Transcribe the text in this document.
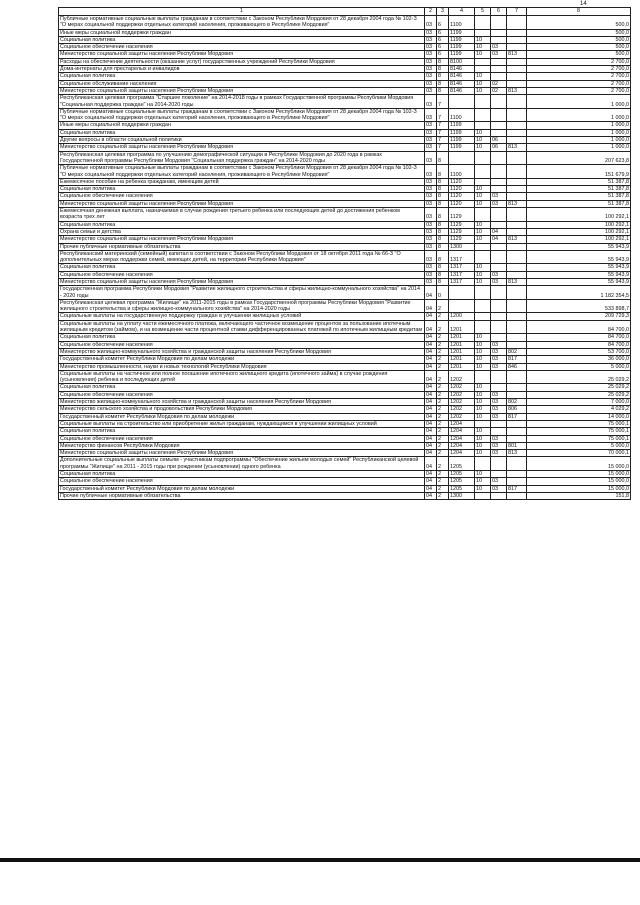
14
1	2	3	4	5	6	7	8
Публичные нормативные социальные выплаты гражданам в соответствии с Законом Республики Мордовия от 28 декабря 2004 года № 102-З "О мерах социальной поддержки отдельных категорий населения, проживающего в Республике Мордовия"	03	6	1100				500,0
Иные меры социальной поддержки граждан	03	6	1199				500,0
Социальная политика	03	6	1199	10			500,0
Социальное обеспечение населения	03	6	1199	10	03		500,0
Министерство социальной защиты населения Республики Мордовия	03	6	1199	10	03	813	500,0
Расходы на обеспечение деятельности (оказание услуг) государственных учреждений Республики Мордовия	03	8	8100				2 700,0
Дома-интернаты для престарелых и инвалидов	03	8	8146				2 700,0
Социальная политика	03	8	8146	10			2 700,0
Социальное обслуживание населения	03	8	8146	10	02		2 700,0
Министерство социальной защиты населения Республики Мордовия	03	8	8146	10	02	813	2 700,0
Республиканская целевая программа "Старшее поколение" на 2014-2018 годы в рамках Государственной программы Республики Мордовия "Социальная поддержка граждан" на 2014-2020 годы	03	7					1 000,0
Публичные нормативные социальные выплаты гражданам в соответствии с Законом Республики Мордовия от 28 декабря 2004 года № 102-З "О мерах социальной поддержки отдельных категорий населения, проживающего в Республике Мордовия"	03	7	1100				1 000,0
Иные меры социальной поддержки граждан	03	7	1199				1 000,0
Социальная политика	03	7	1199	10			1 000,0
Другие вопросы в области социальной политики	03	7	1199	10	06		1 000,0
Министерство социальной защиты населения Республики Мордовия	03	7	1199	10	06	813	1 000,0
Республиканская целевая программа по улучшению демографической ситуации в Республике Мордовия до 2020 года в рамках Государственной программы Республики Мордовия "Социальная поддержка граждан" на 2014-2020 годы	03	8					207 623,8
Публичные нормативные социальные выплаты гражданам в соответствии с Законом Республики Мордовия от 28 декабря 2004 года № 102-З "О мерах социальной поддержки отдельных категорий населения, проживающего в Республике Мордовия"	03	8	1100				151 679,9
Ежемесячное пособие на ребенка гражданам, имеющим детей	03	8	1120				51 387,8
Социальная политика	03	8	1120	10			51 387,8
Социальное обеспечение населения	03	8	1120	10	03		51 387,8
Министерство социальной защиты населения Республики Мордовия	03	8	1120	10	03	813	51 387,8
Ежемесячная денежная выплата, назначаемая в случае рождения третьего ребенка или последующих детей до достижения ребенком возраста трех лет	03	8	1129				100 292,1
Социальная политика	03	8	1129	10			100 292,1
Охрана семьи и детства	03	8	1129	10	04		100 292,1
Министерство социальной защиты населения Республики Мордовия	03	8	1129	10	04	813	100 292,1
Прочие публичные нормативные обязательства	03	8	1300				55 943,9
Республиканский материнский (семейный) капитал в соответствии с Законом Республики Мордовия от 18 октября 2011 года № 66-З "О дополнительных мерах поддержки семей, имеющих детей, на территории Республики Мордовия"	03	8	1317				55 943,9
Социальная политика	03	8	1317	10			55 943,9
Социальное обеспечение населения	03	8	1317	10	03		55 943,9
Министерство социальной защиты населения Республики Мордовия	03	8	1317	10	03	813	55 943,9
Государственная программа Республики Мордовия "Развитие жилищного строительства и сферы жилищно-коммунального хозяйства" на 2014 - 2020 годы	04	0					1 182 354,5
Республиканская целевая программа "Жилище" на 2011-2015 годы в рамках Государственной программы Республики Мордовия "Развитие жилищного строительства и сферы жилищно-коммунального хозяйства" на 2014-2020 годы	04	2					533 898,7
Социальные выплаты на государственную поддержку граждан в улучшении жилищных условий	04	2	1200				209 729,3
Социальные выплаты на уплату части ежемесячного платежа, включающего частичное возмещение процентов за пользование ипотечным жилищным кредитом (займом), и на возмещение части процентной ставки дифференцированных платежей по ипотечным жилищным кредитам	04	2	1201				84 700,0
Социальная политика	04	2	1201	10			84 700,0
Социальное обеспечение населения	04	2	1201	10	03		84 700,0
Министерство жилищно-коммунального хозяйства и гражданской защиты населения Республики Мордовия	04	2	1201	10	03	802	53 700,0
Государственный комитет Республики Мордовия по делам молодежи	04	2	1201	10	03	817	36 000,0
Министерство промышленности, науки и новых технологий Республики Мордовия	04	2	1201	10	03	846	5 000,0
Социальные выплаты на частичное или полное погашение ипотечного жилищного кредита (ипотечного займа) в случае рождения (усыновления) ребенка и последующих детей	04	2	1202				25 029,2
Социальная политика	04	2	1202	10			25 029,2
Социальное обеспечение населения	04	2	1202	10	03		25 029,2
Министерство жилищно-коммунального хозяйства и гражданской защиты населения Республики Мордовия	04	2	1202	10	03	802	7 000,0
Министерство сельского хозяйства и продовольствия Республики Мордовия	04	2	1202	10	03	806	4 029,2
Государственный комитет Республики Мордовия по делам молодежи	04	2	1202	10	03	817	14 000,0
Социальные выплаты на строительство или приобретение жилья гражданам, нуждающимся в улучшении жилищных условий	04	2	1204				75 000,1
Социальная политика	04	2	1204	10			75 000,1
Социальное обеспечение населения	04	2	1204	10	03		75 000,1
Министерство финансов Республики Мордовия	04	2	1204	10	03	801	5 000,0
Министерство социальной защиты населения Республики Мордовия	04	2	1204	10	03	813	70 000,1
Дополнительные социальные выплаты семьям - участникам подпрограммы "Обеспечение жильем молодых семей" Республиканской целевой программы "Жилище" на 2011 - 2015 годы при рождении (усыновлении) одного ребенка	04	2	1205				15 000,0
Социальная политика	04	2	1205	10			15 000,0
Социальное обеспечение населения	04	2	1205	10	03		15 000,0
Государственный комитет Республики Мордовия по делам молодежи	04	2	1205	10	03	817	15 000,0
Прочие публичные нормативные обязательства	04	2	1300				151,8
